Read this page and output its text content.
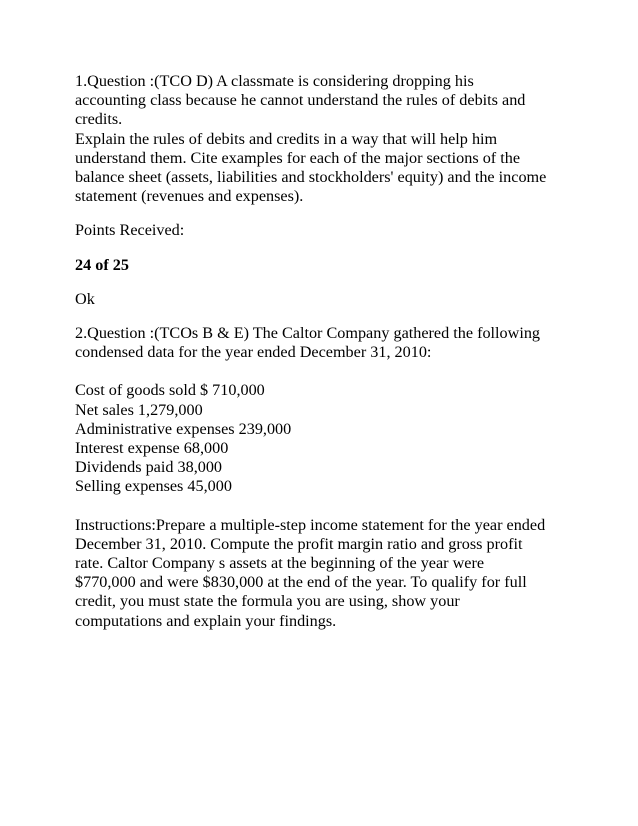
1.Question :(TCO D) A classmate is considering dropping his
accounting class because he cannot understand the rules of debits and
credits.
Explain the rules of debits and credits in a way that will help him
understand them. Cite examples for each of the major sections of the
balance sheet (assets, liabilities and stockholders' equity) and the income
statement (revenues and expenses).
Points Received:
24 of 25
Ok
2.Question :(TCOs B & E) The Caltor Company gathered the following
condensed data for the year ended December 31, 2010:
Cost of goods sold $ 710,000
Net sales 1,279,000
Administrative expenses 239,000
Interest expense 68,000
Dividends paid 38,000
Selling expenses 45,000
Instructions:Prepare a multiple-step income statement for the year ended
December 31, 2010. Compute the profit margin ratio and gross profit
rate. Caltor Company s assets at the beginning of the year were
$770,000 and were $830,000 at the end of the year. To qualify for full
credit, you must state the formula you are using, show your
computations and explain your findings.
